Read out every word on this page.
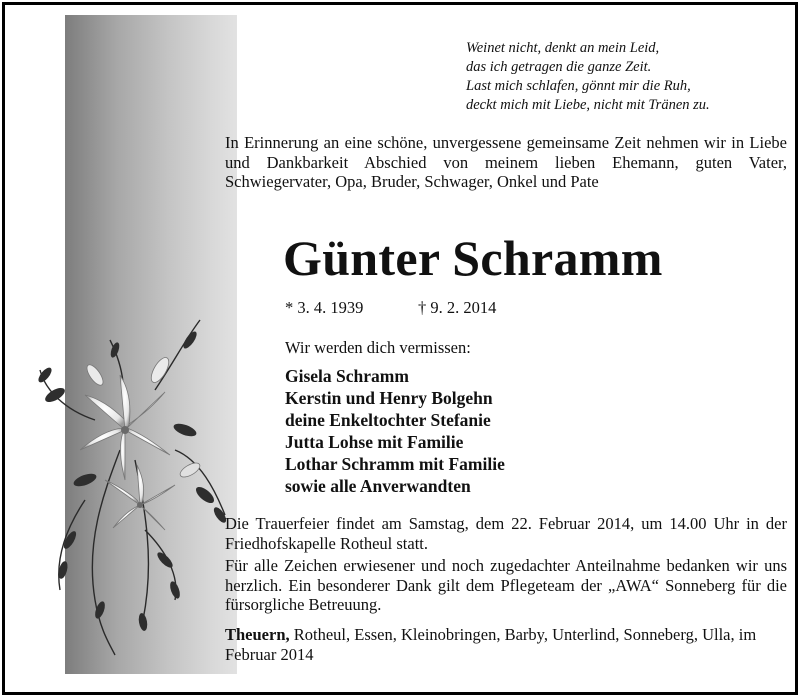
Weinet nicht, denkt an mein Leid,
das ich getragen die ganze Zeit.
Last mich schlafen, gönnt mir die Ruh,
deckt mich mit Liebe, nicht mit Tränen zu.
In Erinnerung an eine schöne, unvergessene gemeinsame Zeit nehmen wir in Liebe und Dankbarkeit Abschied von meinem lieben Ehemann, guten Vater, Schwiegervater, Opa, Bruder, Schwager, Onkel und Pate
Günter Schramm
* 3. 4. 1939	† 9. 2. 2014
Wir werden dich vermissen:
Gisela Schramm
Kerstin und Henry Bolgehn
deine Enkeltochter Stefanie
Jutta Lohse mit Familie
Lothar Schramm mit Familie
sowie alle Anverwandten
Die Trauerfeier findet am Samstag, dem 22. Februar 2014, um 14.00 Uhr in der Friedhofskapelle Rotheul statt.
Für alle Zeichen erwiesener und noch zugedachter Anteilnahme bedanken wir uns herzlich. Ein besonderer Dank gilt dem Pflegeteam der „AWA“ Sonneberg für die fürsorgliche Betreuung.
Theuern, Rotheul, Essen, Kleinobringen, Barby, Unterlind, Sonneberg, Ulla, im Februar 2014
